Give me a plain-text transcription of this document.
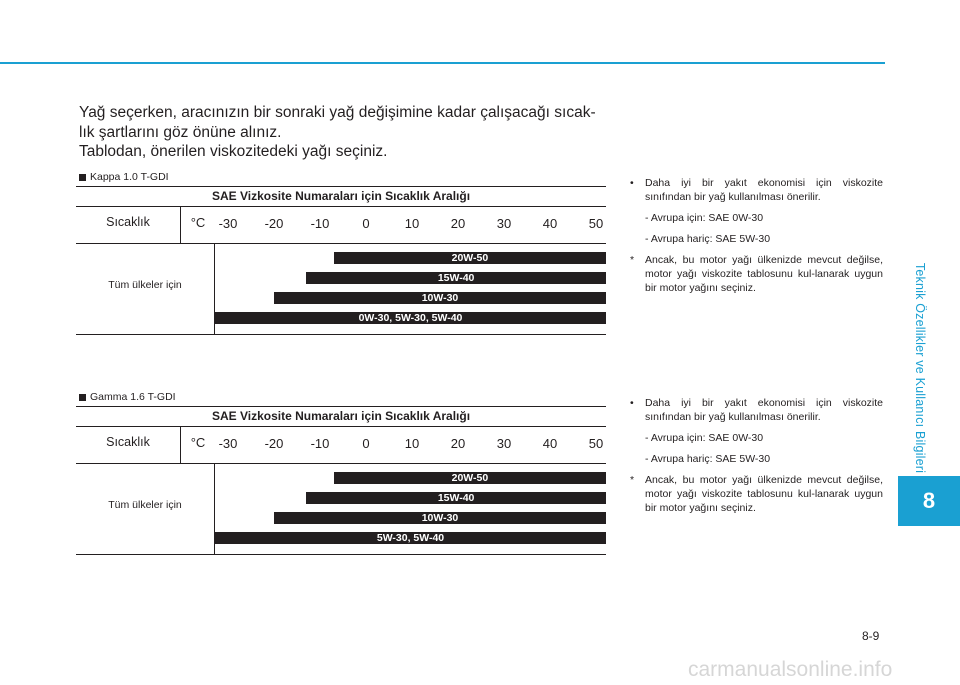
Yağ seçerken, aracınızın bir sonraki yağ değişimine kadar çalışacağı sıcak-lık şartlarını göz önüne alınız.

Tablodan, önerilen viskozitedeki yağı seçiniz.

Kappa 1.0 T-GDI
SAE Vizkosite Numaraları için Sıcaklık Aralığı
Sıcaklık	°C	-30 -20 -10	0	10 20 30 40 50
Tüm ülkeler için
20W-50
15W-40
10W-30
0W-30, 5W-30, 5W-40
• Daha iyi bir yakıt ekonomisi için viskozite sınıfından bir yağ kullanılması önerilir.
- Avrupa için: SAE 0W-30
- Avrupa hariç: SAE 5W-30
* Ancak, bu motor yağı ülkenizde mevcut değilse, motor yağı viskozite tablosunu kul-lanarak uygun bir motor yağını seçiniz.
Gamma 1.6 T-GDI
SAE Vizkosite Numaraları için Sıcaklık Aralığı
Sıcaklık	°C	-30 -20 -10	0	10 20 30 40 50
Tüm ülkeler için
20W-50
15W-40
10W-30
5W-30, 5W-40
• Daha iyi bir yakıt ekonomisi için viskozite sınıfından bir yağ kullanılması önerilir.
- Avrupa için: SAE 0W-30
- Avrupa hariç: SAE 5W-30
* Ancak, bu motor yağı ülkenizde mevcut değilse, motor yağı viskozite tablosunu kul-lanarak uygun bir motor yağını seçiniz.
Teknik Özellikler ve Kullanıcı Bilgileri
8
8-9
carmanualsonline.info
